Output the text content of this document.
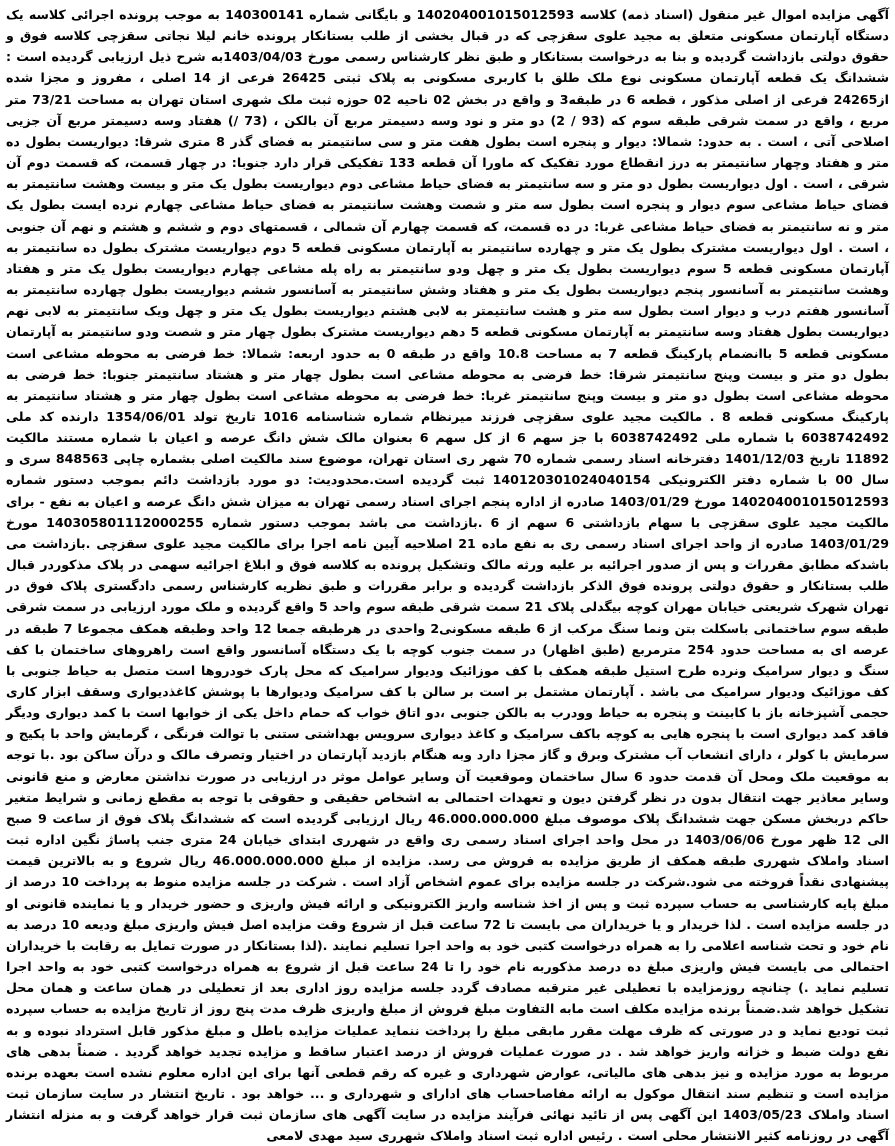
آگهی مزایده اموال غیر منقول (اسناد ذمه) کلاسه 140204001015012593 و بایگانی شماره 140300141 به موجب پرونده اجرائی کلاسه یک دستگاه آپارتمان مسکونی متعلق به مجید علوی سقزچی که در قبال بخشی از طلب بستانکار پرونده خانم لیلا نجاتی سقزچی کلاسه فوق و حقوق دولتی بازداشت گردیده و بنا به درخواست بستانکار و طبق نظر کارشناس رسمی مورخ 1403/04/03به شرح ذیل ارزیابی گردیده است : ششدانگ یک قطعه آپارتمان مسکونی نوع ملک طلق با کاربری مسکونی به پلاک ثبتی 26425 فرعی از 14 اصلی ، مفروز و مجزا شده از24265 فرعی از اصلی مذکور ، قطعه 6 در طبقه3 و واقع در بخش 02 ناحیه 02 حوزه ثبت ملک شهری استان تهران به مساحت 73/21 متر مربع ، واقع در سمت شرقی طبقه سوم که (93 / 2) دو متر و نود وسه دسیمتر مربع آن بالکن ، (73 /) هفتاد وسه دسیمتر مربع آن جزیی اصلاحی آتی ، است . به حدود: شمالا: دیوار و پنجره است بطول هفت متر و سی سانتیمتر به فضای گذر 8 متری شرقا: دیواریست بطول ده متر و هفتاد وچهار سانتیمتر به درز انقطاع مورد تفکیک که ماورا آن قطعه 133 تفکیکی قرار دارد جنوبا: در چهار قسمت، که قسمت دوم آن شرقی ، است . اول دیواریست بطول دو متر و سه سانتیمتر به فضای حیاط مشاعی دوم دیواریست بطول یک متر و بیست وهشت سانتیمتر به فضای حیاط مشاعی سوم دیوار و پنجره است بطول سه متر و شصت وهشت سانتیمتر به فضای حیاط مشاعی چهارم نرده ایست بطول یک متر و نه سانتیمتر به فضای حیاط مشاعی غربا: در ده قسمت، که قسمت چهارم آن شمالی ، قسمتهای دوم و ششم و هشتم و نهم آن جنوبی ، است . اول دیواریست مشترک بطول یک متر و چهارده سانتیمتر به آپارتمان مسکونی قطعه 5 دوم دیواریست مشترک بطول ده سانتیمتر به آپارتمان مسکونی قطعه 5 سوم دیواریست بطول یک متر و چهل ودو سانتیمتر به راه پله مشاعی چهارم دیواریست بطول یک متر و هفتاد وهشت سانتیمتر به آسانسور پنجم دیواریست بطول یک متر و هفتاد وشش سانتیمتر به آسانسور ششم دیواریست بطول چهارده سانتیمتر به آسانسور هفتم درب و دیوار است بطول سه متر و هشت سانتیمتر به لابی هشتم دیواریست بطول یک متر و چهل ویک سانتیمتر به لابی نهم دیواریست بطول هفتاد وسه سانتیمتر به آپارتمان مسکونی قطعه 5 دهم دیواریست مشترک بطول چهار متر و شصت ودو سانتیمتر به آپارتمان مسکونی قطعه 5 باانضمام پارکینگ قطعه 7 به مساحت 10.8 واقع در طبقه 0 به حدود اربعه: شمالا: خط فرضی به محوطه مشاعی است بطول دو متر و بیست وپنج سانتیمتر شرقا: خط فرضی به محوطه مشاعی است بطول چهار متر و هشتاد سانتیمتر جنوبا: خط فرضی به محوطه مشاعی است بطول دو متر و بیست وپنج سانتیمتر غربا: خط فرضی به محوطه مشاعی است بطول چهار متر و هشتاد سانتیمتر به پارکینگ مسکونی قطعه 8 . مالکیت مجید علوی سقزچی فرزند میرنظام شماره شناسنامه 1016 تاریخ تولد 1354/06/01 دارنده کد ملی 6038742492 با شماره ملی 6038742492 با جز سهم 6 از کل سهم 6 بعنوان مالک شش دانگ عرصه و اعیان با شماره مستند مالکیت 11892 تاریخ 1401/12/03 دفترخانه اسناد رسمی شماره 70 شهر ری استان تهران، موضوع سند مالکیت اصلی بشماره چاپی 848563 سری و سال 00 با شماره دفتر الکترونیکی 140120301024040154 ثبت گردیده است.محدودیت: دو مورد بازداشت دائم بموجب دستور شماره 140204001015012593 مورخ 1403/01/29 صادره از اداره پنجم اجرای اسناد رسمی تهران به میزان شش دانگ عرصه و اعیان به نفع - برای مالکیت مجید علوی سقزچی با سهام بازداشتی 6 سهم از 6 .بازداشت می باشد بموجب دستور شماره 140305801112000255 مورخ 1403/01/29 صادره از واحد اجرای اسناد رسمی ری به نفع ماده 21 اصلاحیه آیین نامه اجرا برای مالکیت مجید علوی سقزچی .بازداشت می باشدکه مطابق مقررات و پس از صدور اجرائیه بر علیه ورثه مالک وتشکیل پرونده به کلاسه فوق و ابلاغ اجرائیه سهمی در پلاک مذکوردر قبال طلب بستانکار و حقوق دولتی پرونده فوق الذکر بازداشت گردیده و برابر مقررات و طبق نظریه کارشناس رسمی دادگستری پلاک فوق در تهران شهرک شریعتی خیابان مهران کوچه بیگدلی پلاک 21 سمت شرقی طبقه سوم واحد 5 واقع گردیده و ملک مورد ارزیابی در سمت شرقی طبقه سوم ساختمانی باسکلت بتن ونما سنگ مرکب از 6 طبقه مسکونی2 واحدی در هرطبقه جمعا 12 واحد وطبقه همکف مجموعا 7 طبقه در عرصه ای به مساحت حدود 254 مترمربع (طبق اظهار) در سمت جنوب کوچه با یک دستگاه آسانسور واقع است راهروهای ساختمان با کف سنگ و دیوار سرامیک ونرده طرح استیل طبقه همکف با کف موزائیک ودیوار سرامیک که محل پارک خودروها است متصل به حیاط جنوبی با کف موزائیک ودیوار سرامیک می باشد . آپارتمان مشتمل بر است بر سالن با کف سرامیک ودیوارها با پوشش کاغذدیواری وسقف ابزار کاری حجمی آشپزخانه باز با کابینت و پنجره به حیاط وودرب به بالکن جنوبی ،دو اتاق خواب که حمام داخل یکی از خوابها است با کمد دیواری ودیگر فاقد کمد دیواری است با پنجره هایی به کوچه باکف سرامیک و کاغذ دیواری سرویس بهداشتی ستنی با توالت فرنگی ، گرمایش واحد با پکیج و سرمایش با کولر ، دارای انشعاب آب مشترک وبرق و گاز مجزا دارد وبه هنگام بازدید آپارتمان در اختیار وتصرف مالک و درآن ساکن بود .با توجه به موقعیت ملک ومحل آن قدمت حدود 6 سال ساختمان وموقعیت آن وسایر عوامل موثر در ارزیابی در صورت نداشتن معارض و منع قانونی وسایر معاذیر جهت انتقال بدون در نظر گرفتن دیون و تعهدات احتمالی به اشخاص حقیقی و حقوقی با توجه به مقطع زمانی و شرایط متغیر حاکم دربخش مسکن جهت ششدانگ پلاک موصوف مبلغ 46.000.000.000 ریال ارزیابی گردیده است که ششدانگ پلاک فوق از ساعت 9 صبح الی 12 ظهر مورخ 1403/06/06 در محل واحد اجرای اسناد رسمی ری واقع در شهرری ابتدای خیابان 24 متری جنب پاساژ نگین اداره ثبت اسناد واملاک شهرری طبقه همکف از طریق مزایده به فروش می رسد. مزایده از مبلغ 46.000.000.000 ریال شروع و به بالاترین قیمت پیشنهادی نقداً فروخته می شود.شرکت در جلسه مزایده برای عموم اشخاص آزاد است . شرکت در جلسه مزایده منوط به پرداخت 10 درصد از مبلغ پایه کارشناسی به حساب سپرده ثبت و پس از اخذ شناسه واریز الکترونیکی و ارائه فیش واریزی و حضور خریدار و یا نماینده قانونی او در جلسه مزایده است . لذا خریدار و یا خریداران می بایست تا 72 ساعت قبل از شروع وقت مزایده اصل فیش واریزی مبلغ ودیعه 10 درصد به نام خود و تحت شناسه اعلامی را به همراه درخواست کتبی خود به واحد اجرا تسلیم نمایند .(لذا بستانکار در صورت تمایل به رقابت با خریداران احتمالی می بایست فیش واریزی مبلغ ده درصد مذکوربه نام خود را تا 24 ساعت قبل از شروع به همراه درخواست کتبی خود به واحد اجرا تسلیم نماید .) چنانچه روزمزایده با تعطیلی غیر مترقبه مصادف گردد جلسه مزایده روز اداری بعد از تعطیلی در همان ساعت و همان محل تشکیل خواهد شد.ضمناً برنده مزایده مکلف است مابه التفاوت مبلغ فروش از مبلغ واریزی ظرف مدت پنج روز از تاریخ مزایده به حساب سپرده ثبت تودیع نماید و در صورتی که ظرف مهلت مقرر مابقی مبلغ را پرداخت ننماید عملیات مزایده باطل و مبلغ مذکور قابل استرداد نبوده و به نفع دولت ضبط و خزانه واریز خواهد شد . در صورت عملیات فروش از درصد اعتبار ساقط و مزایده تجدید خواهد گردید . ضمناً بدهی های مربوط به مورد مزایده و نیز بدهی های مالیاتی، عوارض شهرداری و غیره که رقم قطعی آنها برای این اداره معلوم نشده است بعهده برنده مزایده است و تنظیم سند انتقال موکول به ارائه مفاصاحساب های ادارای و شهرداری و ... خواهد بود . تاریخ انتشار در سایت سازمان ثبت اسناد واملاک 1403/05/23 این آگهی پس از تائید نهائی فرآیند مزایده در سایت آگهی های سازمان ثبت قرار خواهد گرفت و به منزله انتشار آگهی در روزنامه کثیر الانتشار محلی است . رئیس اداره ثبت اسناد واملاک شهرری سید مهدی لامعی
